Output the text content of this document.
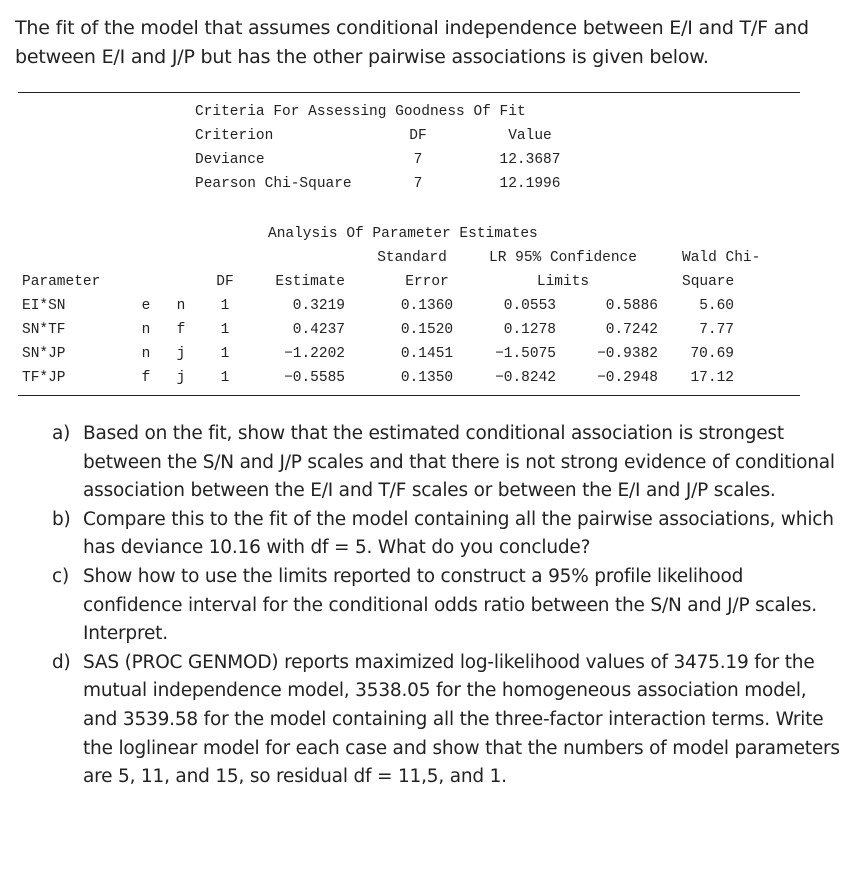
The fit of the model that assumes conditional independence between E/I and T/F and between E/I and J/P but has the other pairwise associations is given below.

Criteria For Assessing Goodness Of Fit
Criterion	DF	Value
Deviance	7	12.3687
Pearson Chi-Square	7	12.1996
Analysis Of Parameter Estimates
Standard	LR 95% Confidence	Wald Chi-
Parameter	DF	Estimate	Error	Limits	Square
EI*SN	e n	1	0.3219	0.1360	0.0553	0.5886	5.60
SN*TF	n f	1	0.4237	0.1520	0.1278	0.7242	7.77
SN*JP	n j	1	−1.2202	0.1451	−1.5075	−0.9382	70.69
TF*JP	f j	1	−0.5585	0.1350	−0.8242	−0.2948	17.12
a) Based on the fit, show that the estimated conditional association is strongest between the S/N and J/P scales and that there is not strong evidence of conditional association between the E/I and T/F scales or between the E/I and J/P scales.
b) Compare this to the fit of the model containing all the pairwise associations, which has deviance 10.16 with df = 5. What do you conclude?
c) Show how to use the limits reported to construct a 95% profile likelihood confidence interval for the conditional odds ratio between the S/N and J/P scales. Interpret.
d) SAS (PROC GENMOD) reports maximized log-likelihood values of 3475.19 for the mutual independence model, 3538.05 for the homogeneous association model, and 3539.58 for the model containing all the three-factor interaction terms. Write the loglinear model for each case and show that the numbers of model parameters are 5, 11, and 15, so residual df = 11,5, and 1.
